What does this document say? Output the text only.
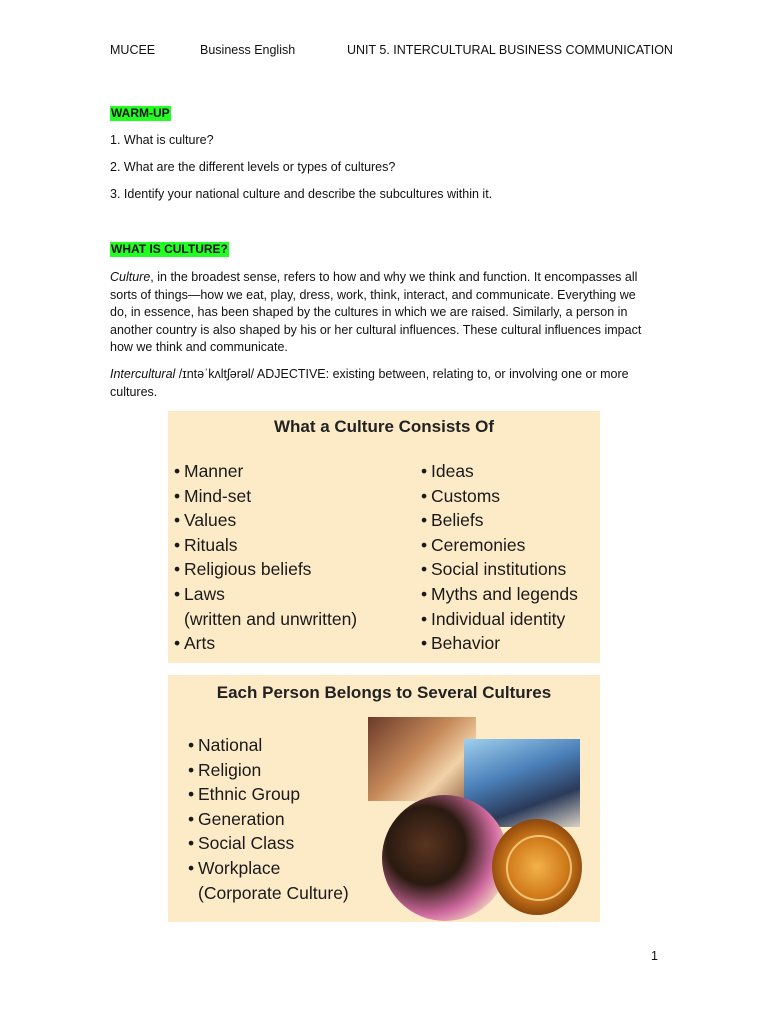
MUCEE	Business English	UNIT 5. INTERCULTURAL BUSINESS COMMUNICATION
WARM-UP
1. What is culture?
2. What are the different levels or types of cultures?
3. Identify your national culture and describe the subcultures within it.
WHAT IS CULTURE?
Culture, in the broadest sense, refers to how and why we think and function. It encompasses all sorts of things—how we eat, play, dress, work, think, interact, and communicate. Everything we do, in essence, has been shaped by the cultures in which we are raised. Similarly, a person in another country is also shaped by his or her cultural influences. These cultural influences impact how we think and communicate.
Intercultural /ɪntəˈkʌltʃərəl/ ADJECTIVE: existing between, relating to, or involving one or more cultures.
What a Culture Consists Of
• Manner
• Mind-set
• Values
• Rituals
• Religious beliefs
• Laws
(written and unwritten)
• Arts
• Ideas
• Customs
• Beliefs
• Ceremonies
• Social institutions
• Myths and legends
• Individual identity
• Behavior
Each Person Belongs to Several Cultures
• National
• Religion
• Ethnic Group
• Generation
• Social Class
• Workplace
(Corporate Culture)
1
